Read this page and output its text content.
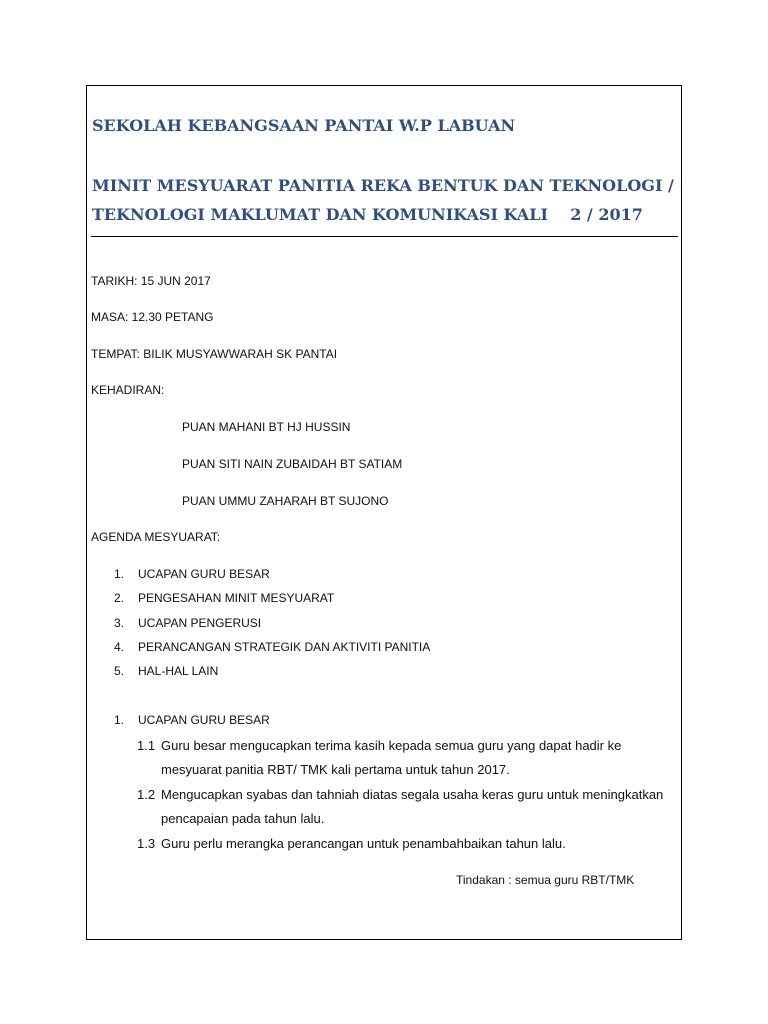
SEKOLAH KEBANGSAAN PANTAI W.P LABUAN
MINIT MESYUARAT PANITIA REKA BENTUK DAN TEKNOLOGI /
TEKNOLOGI MAKLUMAT DAN KOMUNIKASI KALI    2 / 2017

TARIKH: 15 JUN 2017

MASA: 12.30 PETANG

TEMPAT: BILIK MUSYAWWARAH SK PANTAI

KEHADIRAN:

PUAN MAHANI BT HJ HUSSIN

PUAN SITI NAIN ZUBAIDAH BT SATIAM

PUAN UMMU ZAHARAH BT SUJONO

AGENDA MESYUARAT:

1. UCAPAN GURU BESAR
2. PENGESAHAN MINIT MESYUARAT
3. UCAPAN PENGERUSI
4. PERANCANGAN STRATEGIK DAN AKTIVITI PANITIA
5. HAL-HAL LAIN
1. UCAPAN GURU BESAR
1.1 Guru besar mengucapkan terima kasih kepada semua guru yang dapat hadir ke
mesyuarat panitia RBT/ TMK kali pertama untuk tahun 2017.
1.2 Mengucapkan syabas dan tahniah diatas segala usaha keras guru untuk meningkatkan
pencapaian pada tahun lalu.
1.3 Guru perlu merangka perancangan untuk penambahbaikan tahun lalu.
Tindakan : semua guru RBT/TMK
